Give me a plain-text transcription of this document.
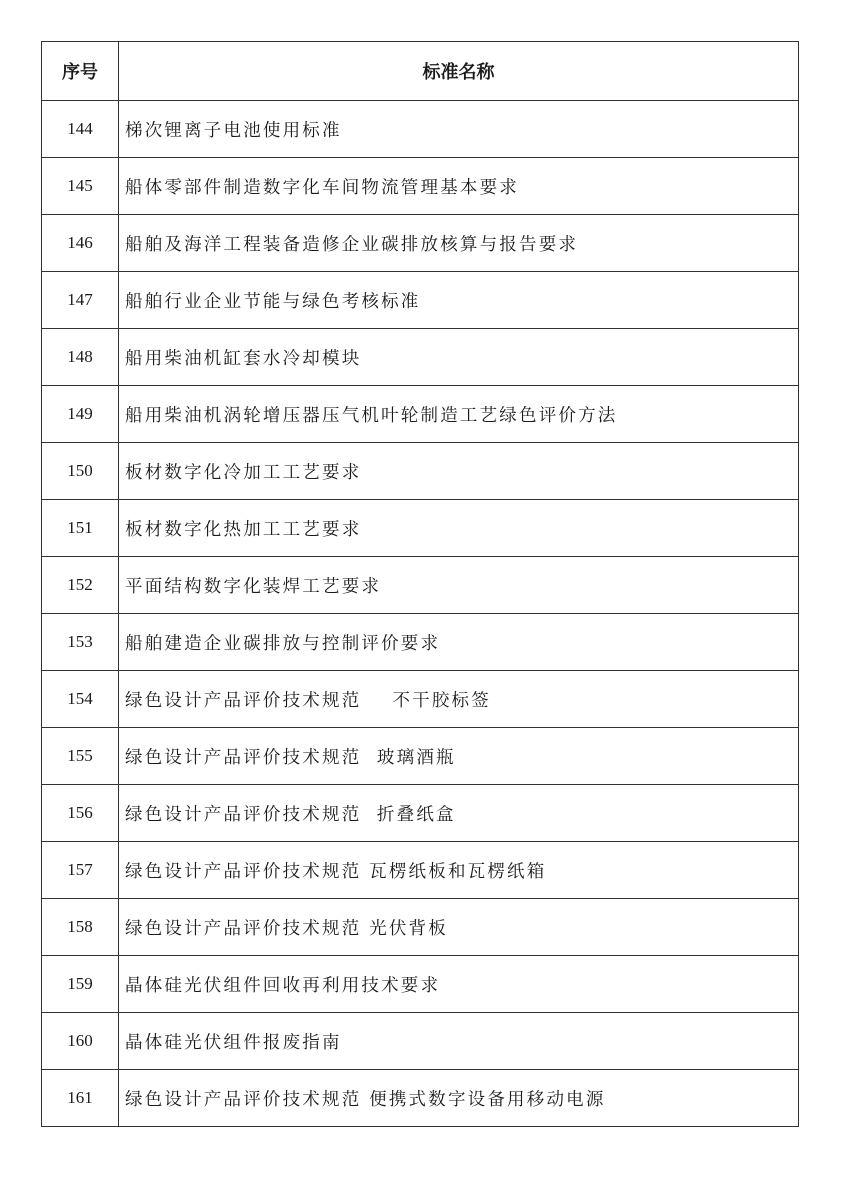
序号	标准名称
144	梯次锂离子电池使用标准
145	船体零部件制造数字化车间物流管理基本要求
146	船舶及海洋工程装备造修企业碳排放核算与报告要求
147	船舶行业企业节能与绿色考核标准
148	船用柴油机缸套水冷却模块
149	船用柴油机涡轮增压器压气机叶轮制造工艺绿色评价方法
150	板材数字化冷加工工艺要求
151	板材数字化热加工工艺要求
152	平面结构数字化装焊工艺要求
153	船舶建造企业碳排放与控制评价要求
154	绿色设计产品评价技术规范    不干胶标签
155	绿色设计产品评价技术规范  玻璃酒瓶
156	绿色设计产品评价技术规范  折叠纸盒
157	绿色设计产品评价技术规范 瓦楞纸板和瓦楞纸箱
158	绿色设计产品评价技术规范 光伏背板
159	晶体硅光伏组件回收再利用技术要求
160	晶体硅光伏组件报废指南
161	绿色设计产品评价技术规范 便携式数字设备用移动电源
